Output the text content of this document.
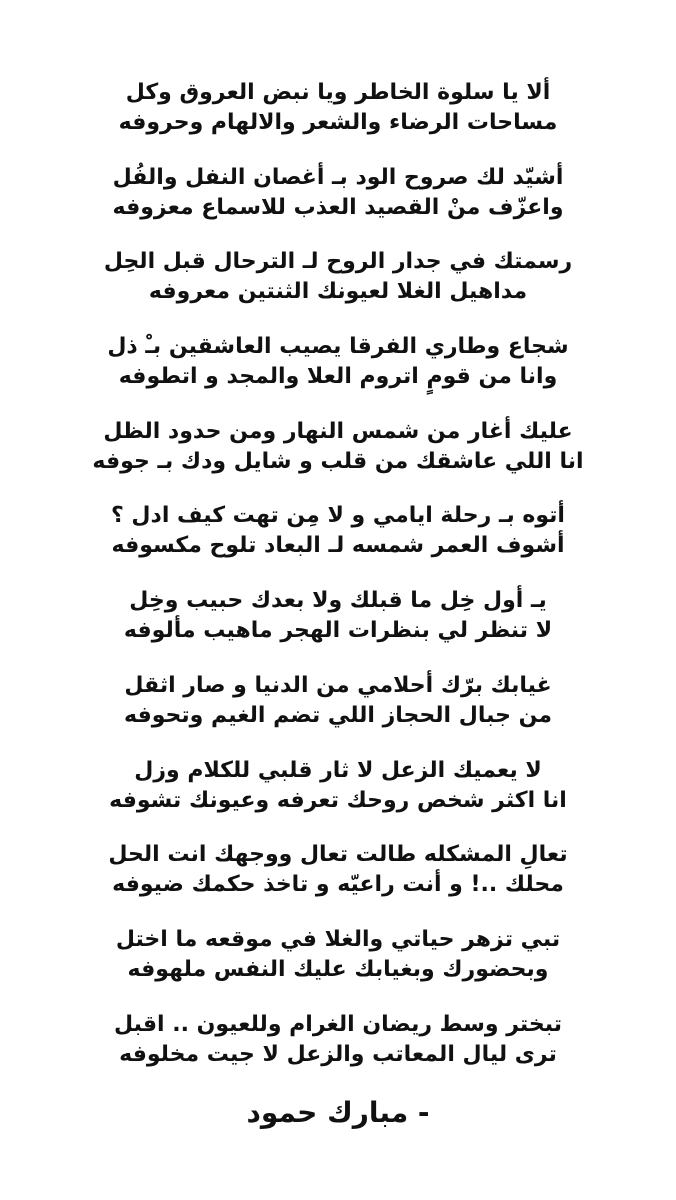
ألا يا سلوة الخاطر ويا نبض العروق وكل
مساحات الرضاء والشعر والالهام وحروفه
أشيّد لك صروح الود بـ أغصان النفل والفُل
واعزّف منْ القصيد العذب للاسماع معزوفه
رسمتك في جدار الروح لـ الترحال قبل الحِل
مداهيل الغلا لعيونك الثنتين معروفه
شجاع وطاري الفرقا يصيب العاشقين بـْ ذل
وانا من قومٍ اتروم العلا والمجد و اتطوفه
عليك أغار من شمس النهار ومن حدود الظل
انا اللي عاشقك من قلب و شايل ودك بـ جوفه
أتوه بـ رحلة ايامي و لا مِن تهت كيف ادل ؟
أشوف العمر شمسه لـ البعاد تلوح مكسوفه
يـ أول خِل ما قبلك ولا بعدك حبيب وخِل
لا تنظر لي بنظرات الهجر ماهيب مألوفه
غيابك برّك أحلامي من الدنيا و صار اثقل
من جبال الحجاز اللي تضم الغيم وتحوفه
لا يعميك الزعل لا ثار قلبي للكلام وزل
انا اكثر شخص روحك تعرفه وعيونك تشوفه
تعالِ المشكله طالت تعال ووجهك انت الحل
محلك ..! و أنت راعيّه و تاخذ حكمك ضيوفه
تبي تزهر حياتي والغلا في موقعه ما اختل
وبحضورك وبغيابك عليك النفس ملهوفه
تبختر وسط ريضان الغرام وللعيون .. اقبل
ترى ليال المعاتب والزعل لا جيت مخلوفه
- مبارك حمود
